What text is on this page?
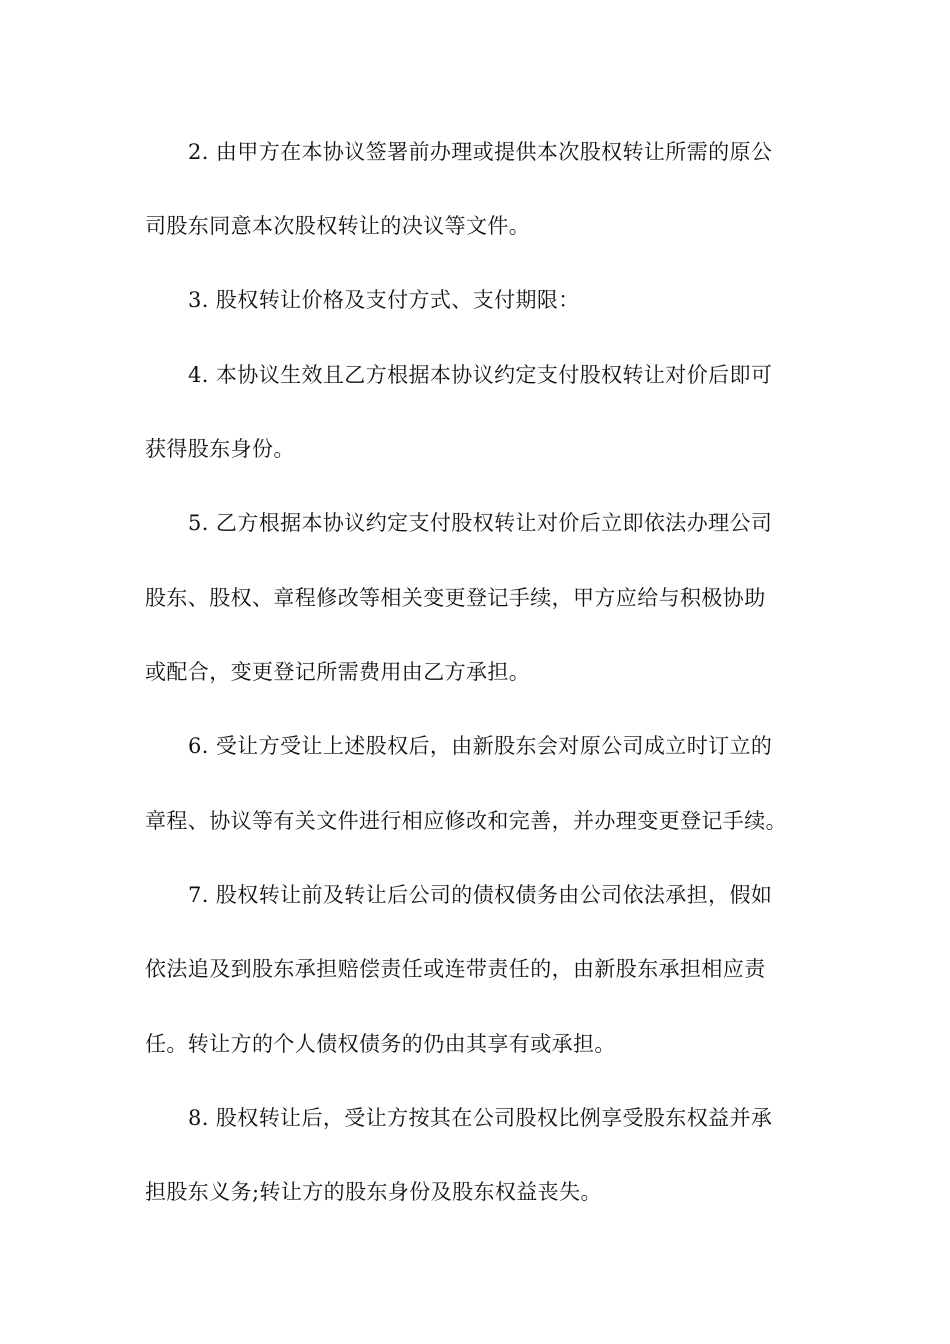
2. 由甲方在本协议签署前办理或提供本次股权转让所需的原公
司股东同意本次股权转让的决议等文件。
3. 股权转让价格及支付方式、支付期限：
4. 本协议生效且乙方根据本协议约定支付股权转让对价后即可
获得股东身份。
5. 乙方根据本协议约定支付股权转让对价后立即依法办理公司
股东、股权、章程修改等相关变更登记手续，甲方应给与积极协助
或配合，变更登记所需费用由乙方承担。
6. 受让方受让上述股权后，由新股东会对原公司成立时订立的
章程、协议等有关文件进行相应修改和完善，并办理变更登记手续。
7. 股权转让前及转让后公司的债权债务由公司依法承担，假如
依法追及到股东承担赔偿责任或连带责任的，由新股东承担相应责
任。转让方的个人债权债务的仍由其享有或承担。
8. 股权转让后，受让方按其在公司股权比例享受股东权益并承
担股东义务;转让方的股东身份及股东权益丧失。
